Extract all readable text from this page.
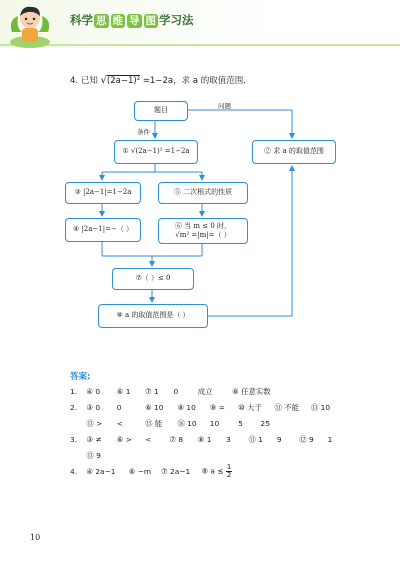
科学 思 维 导 图 学习法
4. 已知 √(2a−1)² =1−2a，求 a 的取值范围．
题目
问题
条件
① √(2a−1)² =1−2a	② 求 a 的取值范围
③ |2a−1|=1−2a	⑤ 二次根式的性质
④ |2a−1|=−（ ）	⑥ 当 m ≤ 0 时，
√m² =|m|=（ ）
⑦（ ）≤ 0
⑧ a 的取值范围是（ ）
答案:
1. ④ 0 ⑥ 1 ⑦ 1 0	成立	⑧ 任意实数
2. ③ 0 0	⑥ 10 ⑧ 10 ⑨ = ⑩ 大于 ⑪ 不能 ⑬ 10
⑬ > <	⑮ 能 ⑯ 10 10	5 25
3. ③ ≠ ⑥ > < ⑦ 8 ⑧ 1 3 ⑪ 1 9 ⑫ 9 1
⑬ 9
4. ④ 2a−1 ⑥ −m ⑦ 2a−1 ⑧ $a \le \frac{1}{2}$
10
